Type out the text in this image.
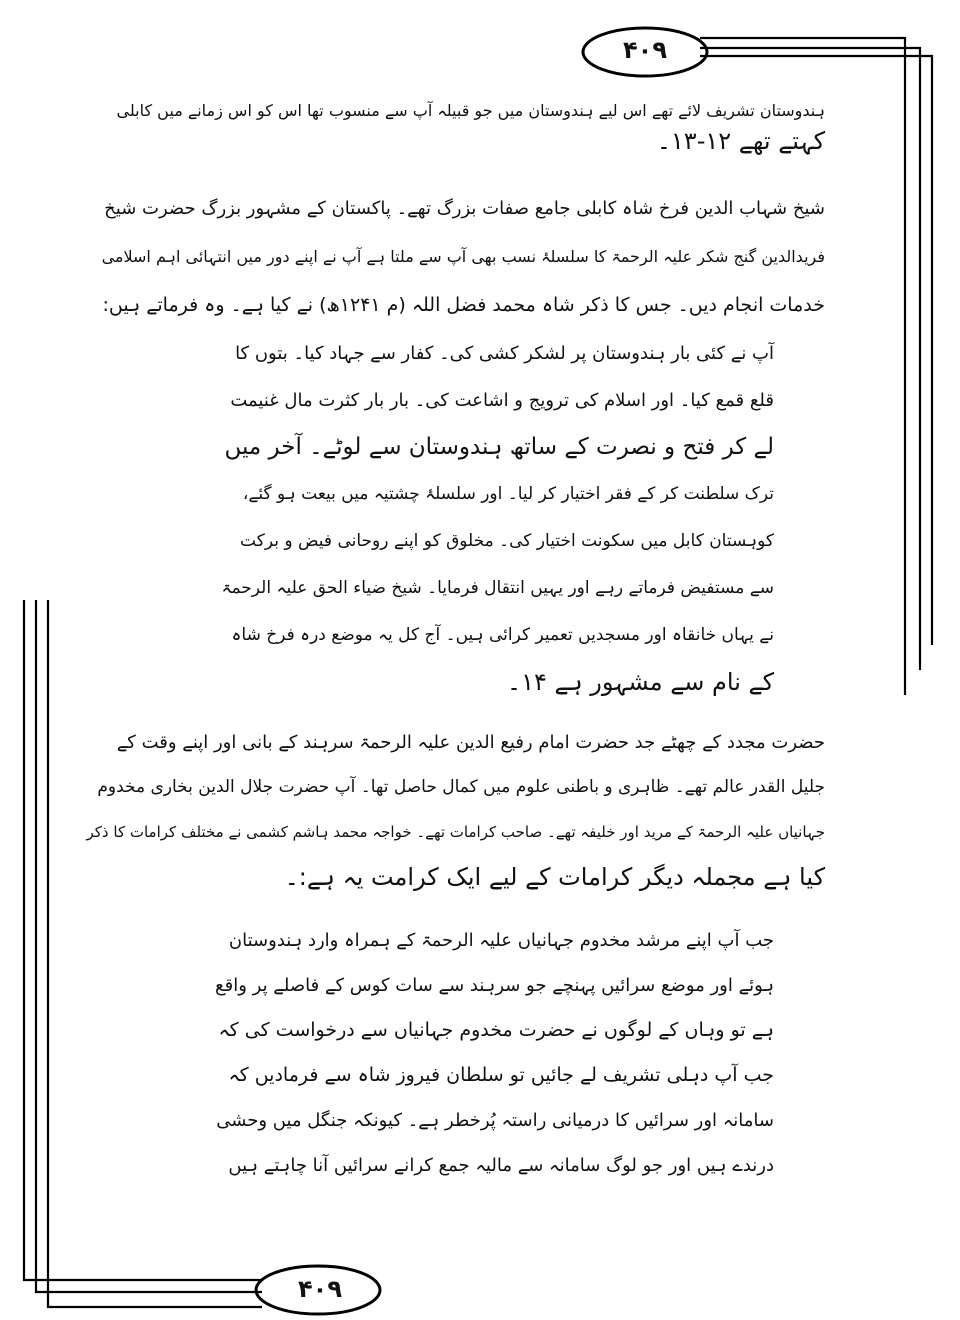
۴۰۹
۴۰۹
ہندوستان تشریف لائے تھے اس لیے ہندوستان میں جو قبیلہ آپ سے منسوب تھا اس کو اس زمانے میں کابلی
کہتے تھے ۱۲-۱۳۔
شیخ شہاب الدین فرخ شاہ کابلی جامع صفات بزرگ تھے۔ پاکستان کے مشہور بزرگ حضرت شیخ
فریدالدین گنج شکر علیہ الرحمۃ کا سلسلۂ نسب بھی آپ سے ملتا ہے آپ نے اپنے دور میں انتہائی اہم اسلامی
خدمات انجام دیں۔ جس کا ذکر شاہ محمد فضل اللہ (م ۱۲۴۱ھ) نے کیا ہے۔ وہ فرماتے ہیں:
آپ نے کئی بار ہندوستان پر لشکر کشی کی۔ کفار سے جہاد کیا۔ بتوں کا
قلع قمع کیا۔ اور اسلام کی ترویج و اشاعت کی۔ بار بار کثرت مال غنیمت
لے کر فتح و نصرت کے ساتھ ہندوستان سے لوٹے۔ آخر میں
ترک سلطنت کر کے فقر اختیار کر لیا۔ اور سلسلۂ چشتیہ میں بیعت ہو گئے،
کوہستان کابل میں سکونت اختیار کی۔ مخلوق کو اپنے روحانی فیض و برکت
سے مستفیض فرماتے رہے اور یہیں انتقال فرمایا۔ شیخ ضیاء الحق علیہ الرحمۃ
نے یہاں خانقاہ اور مسجدیں تعمیر کرائی ہیں۔ آج کل یہ موضع درہ فرخ شاہ
کے نام سے مشہور ہے ۱۴۔
حضرت مجدد کے چھٹے جد حضرت امام رفیع الدین علیہ الرحمۃ سرہند کے بانی اور اپنے وقت کے
جلیل القدر عالم تھے۔ ظاہری و باطنی علوم میں کمال حاصل تھا۔ آپ حضرت جلال الدین بخاری مخدوم
جہانیاں علیہ الرحمۃ کے مرید اور خلیفہ تھے۔ صاحب کرامات تھے۔ خواجہ محمد ہاشم کشمی نے مختلف کرامات کا ذکر
کیا ہے مجملہ دیگر کرامات کے لیے ایک کرامت یہ ہے:۔
جب آپ اپنے مرشد مخدوم جہانیاں علیہ الرحمۃ کے ہمراہ وارد ہندوستان
ہوئے اور موضع سرائیں پہنچے جو سرہند سے سات کوس کے فاصلے پر واقع
ہے تو وہاں کے لوگوں نے حضرت مخدوم جہانیاں سے درخواست کی کہ
جب آپ دہلی تشریف لے جائیں تو سلطان فیروز شاہ سے فرمادیں کہ
سامانہ اور سرائیں کا درمیانی راستہ پُرخطر ہے۔ کیونکہ جنگل میں وحشی
درندے ہیں اور جو لوگ سامانہ سے مالیہ جمع کرانے سرائیں آنا چاہتے ہیں
